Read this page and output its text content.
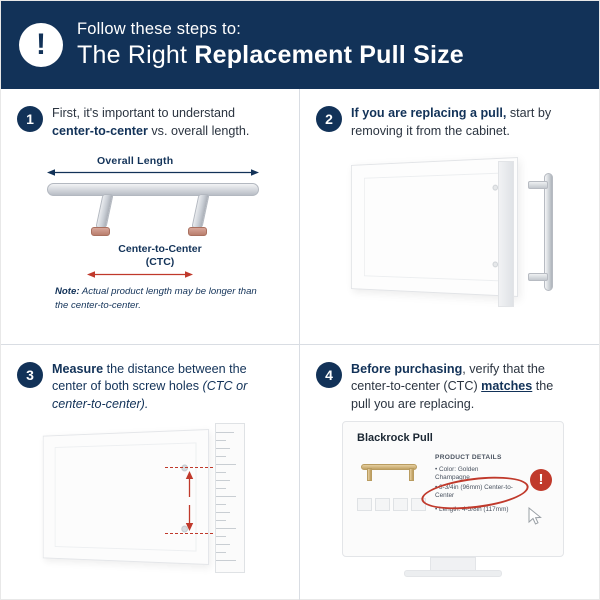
!	Follow these steps to:
The Right Replacement Pull Size
1	First, it's important to understand center-to-center vs. overall length.
Overall Length
Center-to-Center
(CTC)
Note: Actual product length may be longer than the center-to-center.
2	If you are replacing a pull, start by removing it from the cabinet.
3	Measure the distance between the center of both screw holes (CTC or center-to-center).
4	Before purchasing, verify that the center-to-center (CTC) matches the pull you are replacing.
Blackrock Pull
PRODUCT DETAILS
• Color: Golden Champagne
• 3-3/4in (96mm) Center-to-Center
• Length: 4-5/8in (117mm)
!
